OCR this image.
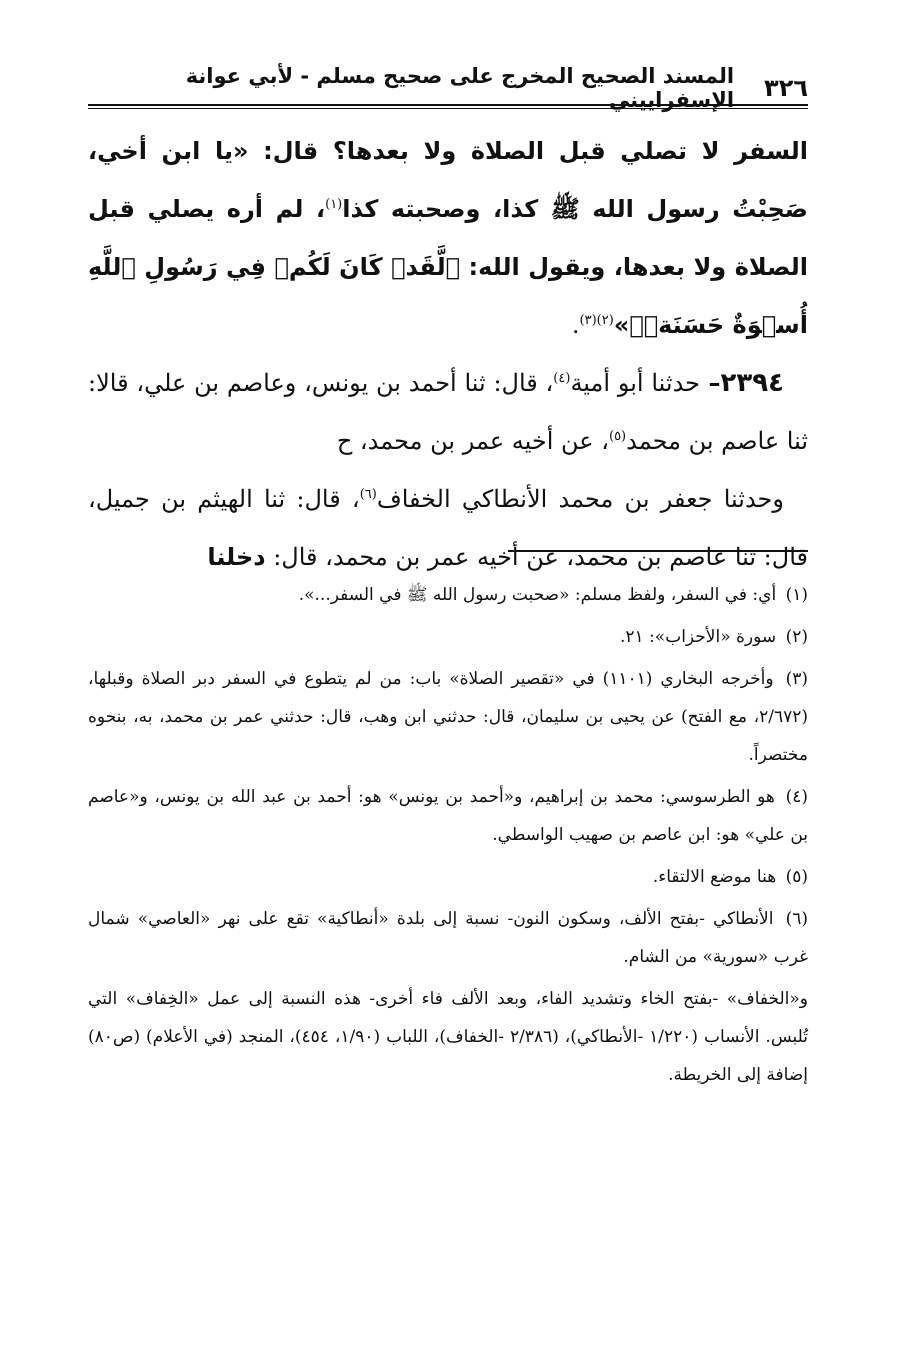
٣٢٦
المسند الصحيح المخرج على صحيح مسلم - لأبي عوانة الإسفراييني

السفر لا تصلي قبل الصلاة ولا بعدها؟ قال: «يا ابن أخي، صَحِبْتُ رسول الله ﷺ كذا، وصحبته كذا$^{(١)}$، لم أره يصلي قبل الصلاة ولا بعدها، ويقول الله: ﴿لَّقَدۡ كَانَ لَكُمۡ فِي رَسُولِ ٱللَّهِ أُسۡوَةٌ حَسَنَةٞ﴾»$^{(٢)(٣)}$.

٢٣٩٤– حدثنا أبو أمية$^{(٤)}$، قال: ثنا أحمد بن يونس، وعاصم بن علي، قالا: ثنا عاصم بن محمد$^{(٥)}$، عن أخيه عمر بن محمد، ح

وحدثنا جعفر بن محمد الأنطاكي الخفاف$^{(٦)}$، قال: ثنا الهيثم بن جميل، قال: ثنا عاصم بن محمد، عن أخيه عمر بن محمد، قال: دخلنا

(١) أي: في السفر، ولفظ مسلم: «صحبت رسول الله ﷺ في السفر...».

(٢) سورة «الأحزاب»: ٢١.

(٣) وأخرجه البخاري (١١٠١) في «تقصير الصلاة» باب: من لم يتطوع في السفر دبر الصلاة وقبلها، (٢/٦٧٢، مع الفتح) عن يحيى بن سليمان، قال: حدثني ابن وهب، قال: حدثني عمر بن محمد، به، بنحوه مختصراً.

(٤) هو الطرسوسي: محمد بن إبراهيم، و«أحمد بن يونس» هو: أحمد بن عبد الله بن يونس، و«عاصم بن علي» هو: ابن عاصم بن صهيب الواسطي.

(٥) هنا موضع الالتقاء.

(٦) الأنطاكي -بفتح الألف، وسكون النون- نسبة إلى بلدة «أنطاكية» تقع على نهر «العاصي» شمال غرب «سورية» من الشام.

و«الخفاف» -بفتح الخاء وتشديد الفاء، وبعد الألف فاء أخرى- هذه النسبة إلى عمل «الخِفاف» التي تُلبس. الأنساب (١/٢٢٠ -الأنطاكي)، (٢/٣٨٦ -الخفاف)، اللباب (١/٩٠، ٤٥٤)، المنجد (في الأعلام) (ص٨٠) إضافة إلى الخريطة.
